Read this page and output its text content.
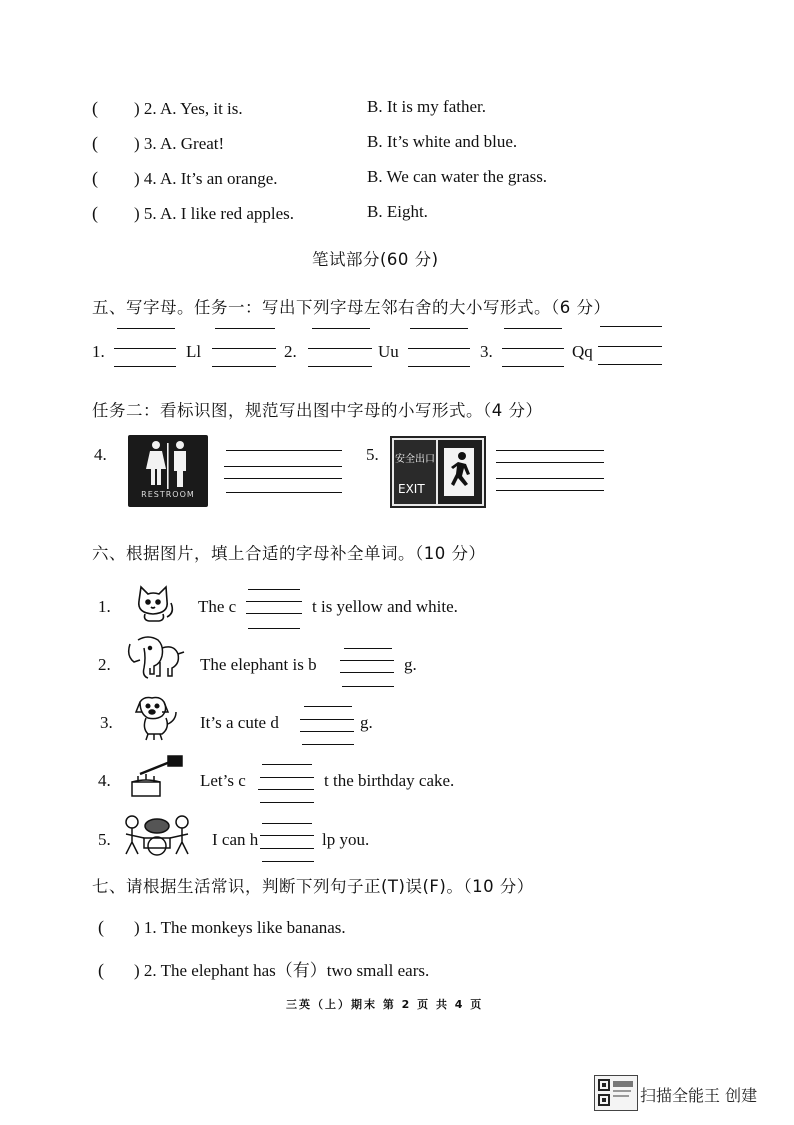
( ) 2. A. Yes, it is.	B. It is my father.
( ) 3. A. Great!	B. It’s white and blue.
( ) 4. A. It’s an orange.	B. We can water the grass.
( ) 5. A. I like red apples.	B. Eight.
笔试部分(60 分)
五、写字母。任务一：写出下列字母左邻右舍的大小写形式。（6 分）
1.	Ll	2.	Uu	3.	Qq
任务二：看标识图，规范写出图中字母的小写形式。（4 分）
4.
RESTROOM
5. 安全出口
EXIT
六、根据图片，填上合适的字母补全单词。（10 分）
1.	The c	t is yellow and white.
2.	The elephant is b	g.
3.	It’s a cute d	g.
4.	Let’s c	t the birthday cake.
5.	I can h	lp you.
七、请根据生活常识，判断下列句子正(T)误(F)。（10 分）
( ) 1. The monkeys like bananas.
( ) 2. The elephant has（有）two small ears.
三英（上）期末 第 2 页 共 4 页
扫描全能王 创建
